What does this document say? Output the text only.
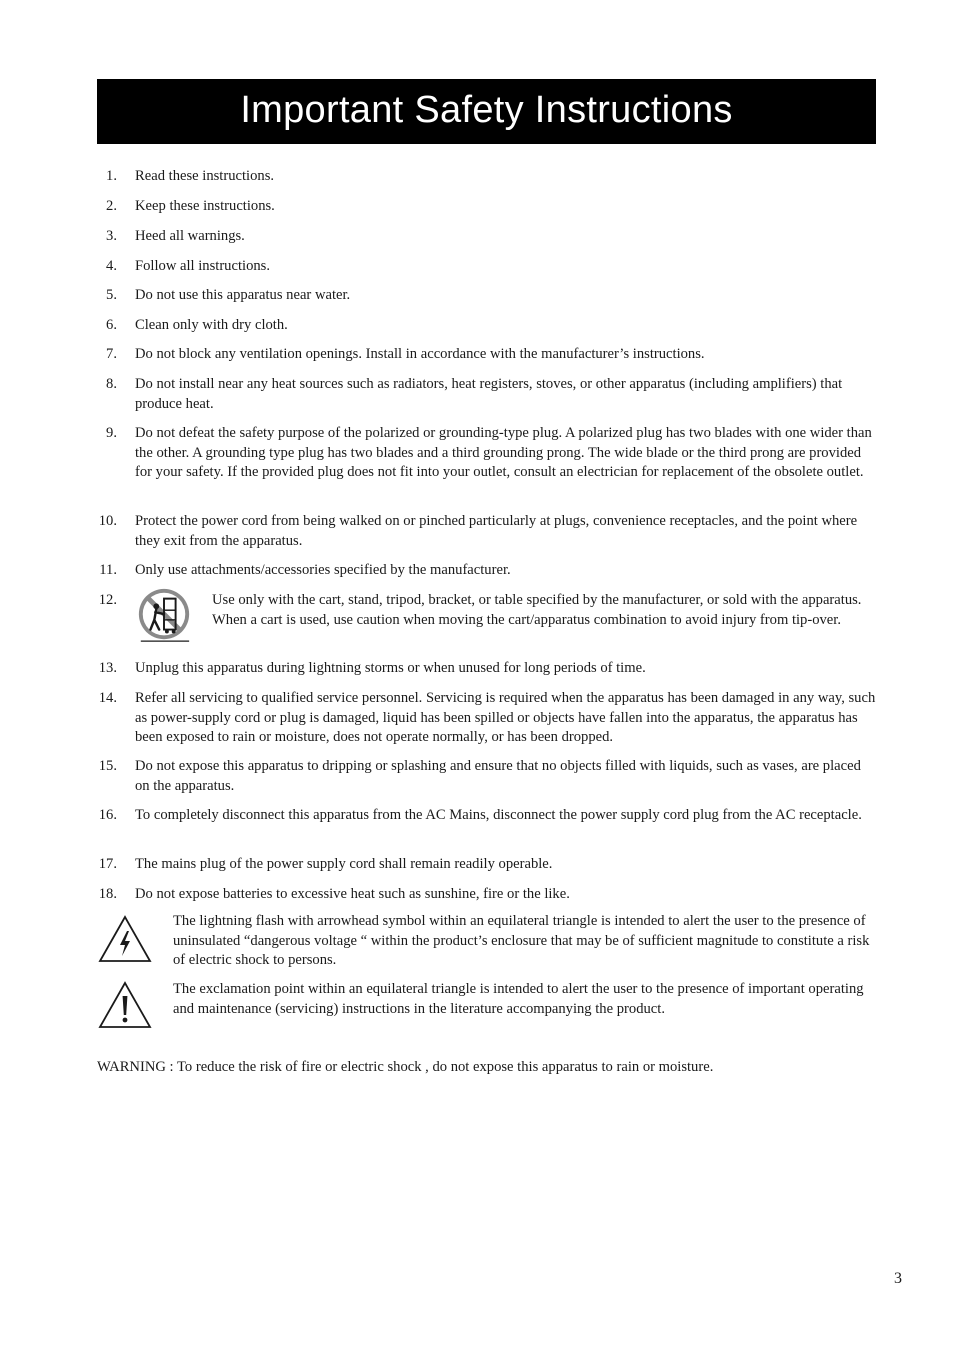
Important Safety Instructions
1. Read these instructions.
2. Keep these instructions.
3. Heed all warnings.
4. Follow all instructions.
5. Do not use this apparatus near water.
6. Clean only with dry cloth.
7. Do not block any ventilation openings. Install in accordance with the manufacturer’s instructions.
8. Do not install near any heat sources such as radiators, heat registers, stoves, or other apparatus (including amplifiers) that produce heat.
9. Do not defeat the safety purpose of the polarized or grounding-type plug. A polarized plug has two blades with one wider than the other. A grounding type plug has two blades and a third grounding prong. The wide blade or the third prong are provided for your safety. If the provided plug does not fit into your outlet, consult an electrician for replacement of the obsolete outlet.
10. Protect the power cord from being walked on or pinched particularly at plugs, convenience receptacles, and the point where they exit from the apparatus.
11. Only use attachments/accessories specified by the manufacturer.
12.	Use only with the cart, stand, tripod, bracket, or table specified by the manufacturer, or sold with the apparatus. When a cart is used, use caution when moving the cart/apparatus combination to avoid injury from tip-over.
13. Unplug this apparatus during lightning storms or when unused for long periods of time.
14. Refer all servicing to qualified service personnel. Servicing is required when the apparatus has been damaged in any way, such as power-supply cord or plug is damaged, liquid has been spilled or objects have fallen into the apparatus, the apparatus has been exposed to rain or moisture, does not operate normally, or has been dropped.
15. Do not expose this apparatus to dripping or splashing and ensure that no objects filled with liquids, such as vases, are placed on the apparatus.
16. To completely disconnect this apparatus from the AC Mains, disconnect the power supply cord plug from the AC receptacle.
17. The mains plug of the power supply cord shall remain readily operable.
18. Do not expose batteries to excessive heat such as sunshine, fire or the like.
The lightning flash with arrowhead symbol within an equilateral triangle is intended to alert the user to the presence of uninsulated “dangerous voltage “ within the product’s enclosure that may be of sufficient magnitude to constitute a risk of electric shock to persons.
The exclamation point within an equilateral triangle is intended to alert the user to the presence of important operating and maintenance (servicing) instructions in the literature accompanying the product.
WARNING : To reduce the risk of fire or electric shock , do not expose this apparatus to rain or moisture.
3
